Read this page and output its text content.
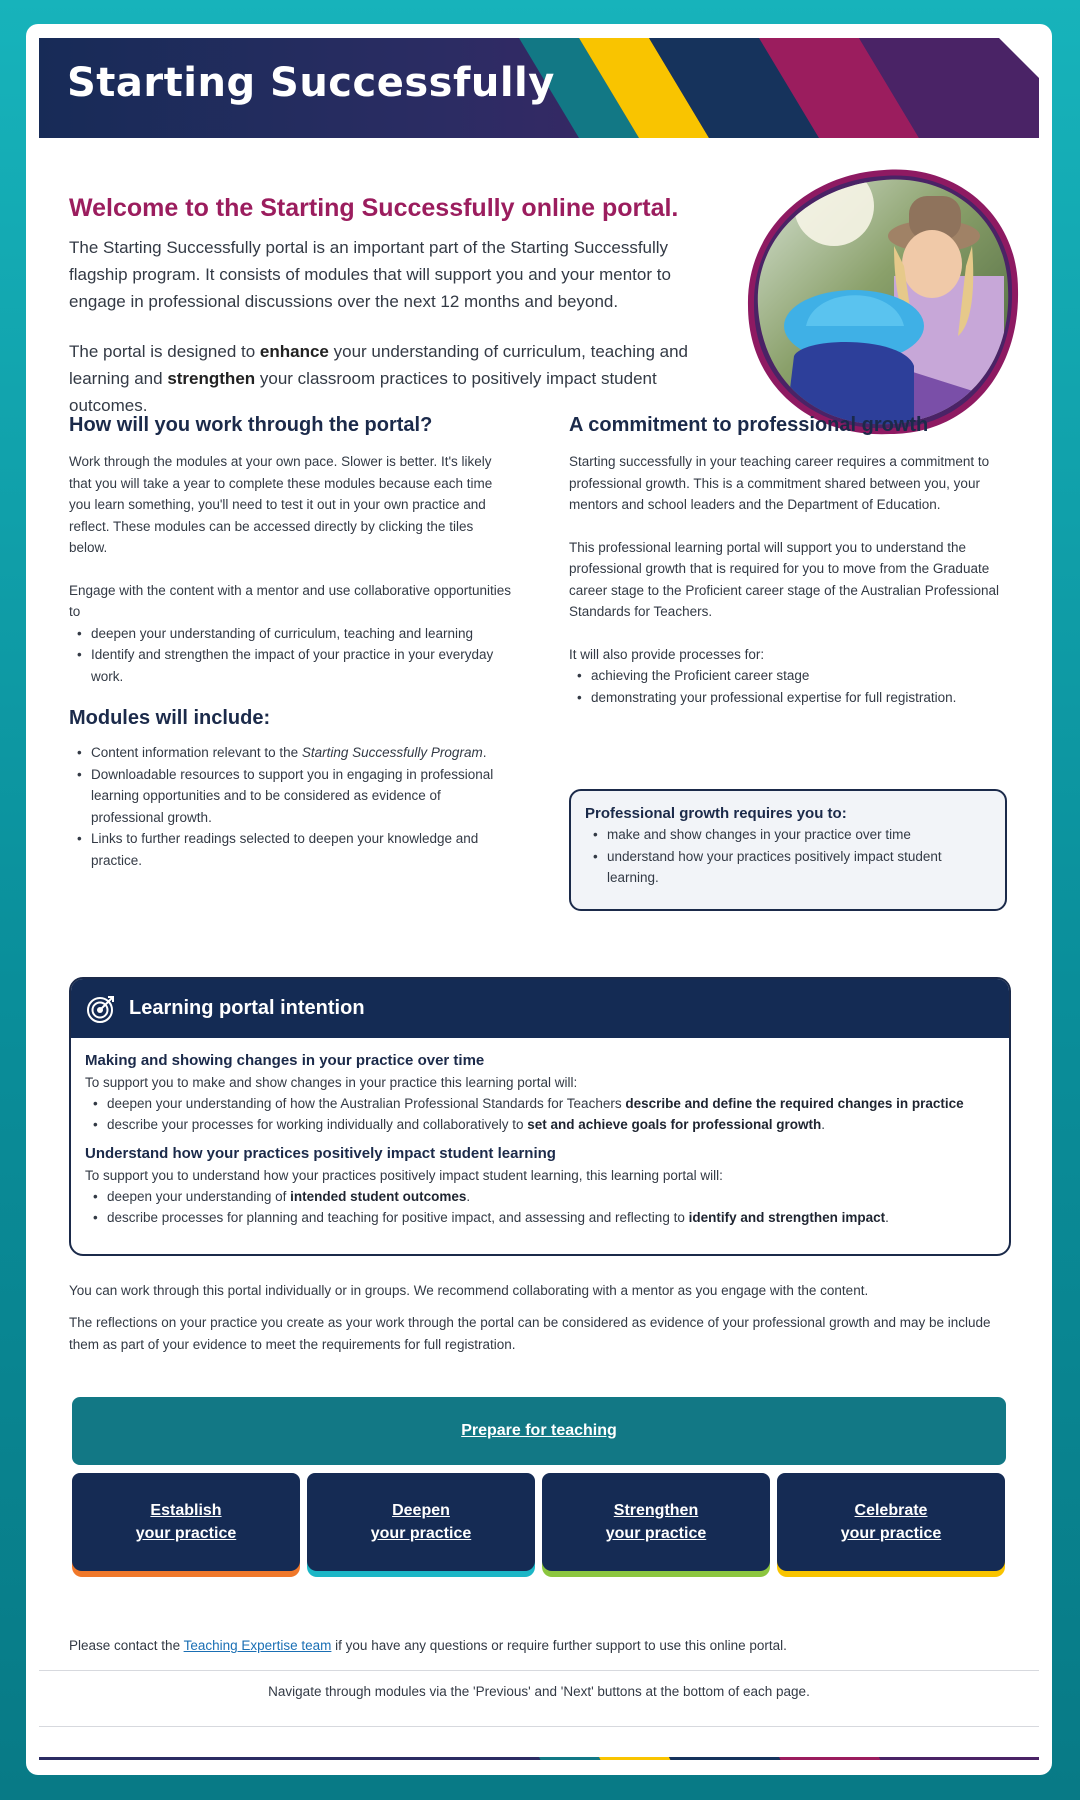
Starting Successfully
Welcome to the Starting Successfully online portal.
The Starting Successfully portal is an important part of the Starting Successfully flagship program. It consists of modules that will support you and your mentor to engage in professional discussions over the next 12 months and beyond.
The portal is designed to enhance your understanding of curriculum, teaching and learning and strengthen your classroom practices to positively impact student outcomes.
How will you work through the portal?
Work through the modules at your own pace. Slower is better. It's likely that you will take a year to complete these modules because each time you learn something, you'll need to test it out in your own practice and reflect. These modules can be accessed directly by clicking the tiles below.
Engage with the content with a mentor and use collaborative opportunities to
• deepen your understanding of curriculum, teaching and learning
• Identify and strengthen the impact of your practice in your everyday work.
Modules will include:
• Content information relevant to the Starting Successfully Program.
• Downloadable resources to support you in engaging in professional learning opportunities and to be considered as evidence of professional growth.
• Links to further readings selected to deepen your knowledge and practice.
A commitment to professional growth
Starting successfully in your teaching career requires a commitment to professional growth. This is a commitment shared between you, your mentors and school leaders and the Department of Education.
This professional learning portal will support you to understand the professional growth that is required for you to move from the Graduate career stage to the Proficient career stage of the Australian Professional Standards for Teachers.
It will also provide processes for:
• achieving the Proficient career stage
• demonstrating your professional expertise for full registration.
Professional growth requires you to:
• make and show changes in your practice over time
• understand how your practices positively impact student learning.
Learning portal intention
Making and showing changes in your practice over time
To support you to make and show changes in your practice this learning portal will:
• deepen your understanding of how the Australian Professional Standards for Teachers describe and define the required changes in practice
• describe your processes for working individually and collaboratively to set and achieve goals for professional growth.
Understand how your practices positively impact student learning
To support you to understand how your practices positively impact student learning, this learning portal will:
• deepen your understanding of intended student outcomes.
• describe processes for planning and teaching for positive impact, and assessing and reflecting to identify and strengthen impact.
You can work through this portal individually or in groups. We recommend collaborating with a mentor as you engage with the content.
The reflections on your practice you create as your work through the portal can be considered as evidence of your professional growth and may be include them as part of your evidence to meet the requirements for full registration.
Prepare for teaching
Establish
your practice
Deepen
your practice
Strengthen
your practice
Celebrate
your practice
Please contact the Teaching Expertise team if you have any questions or require further support to use this online portal.
Navigate through modules via the 'Previous' and 'Next' buttons at the bottom of each page.
